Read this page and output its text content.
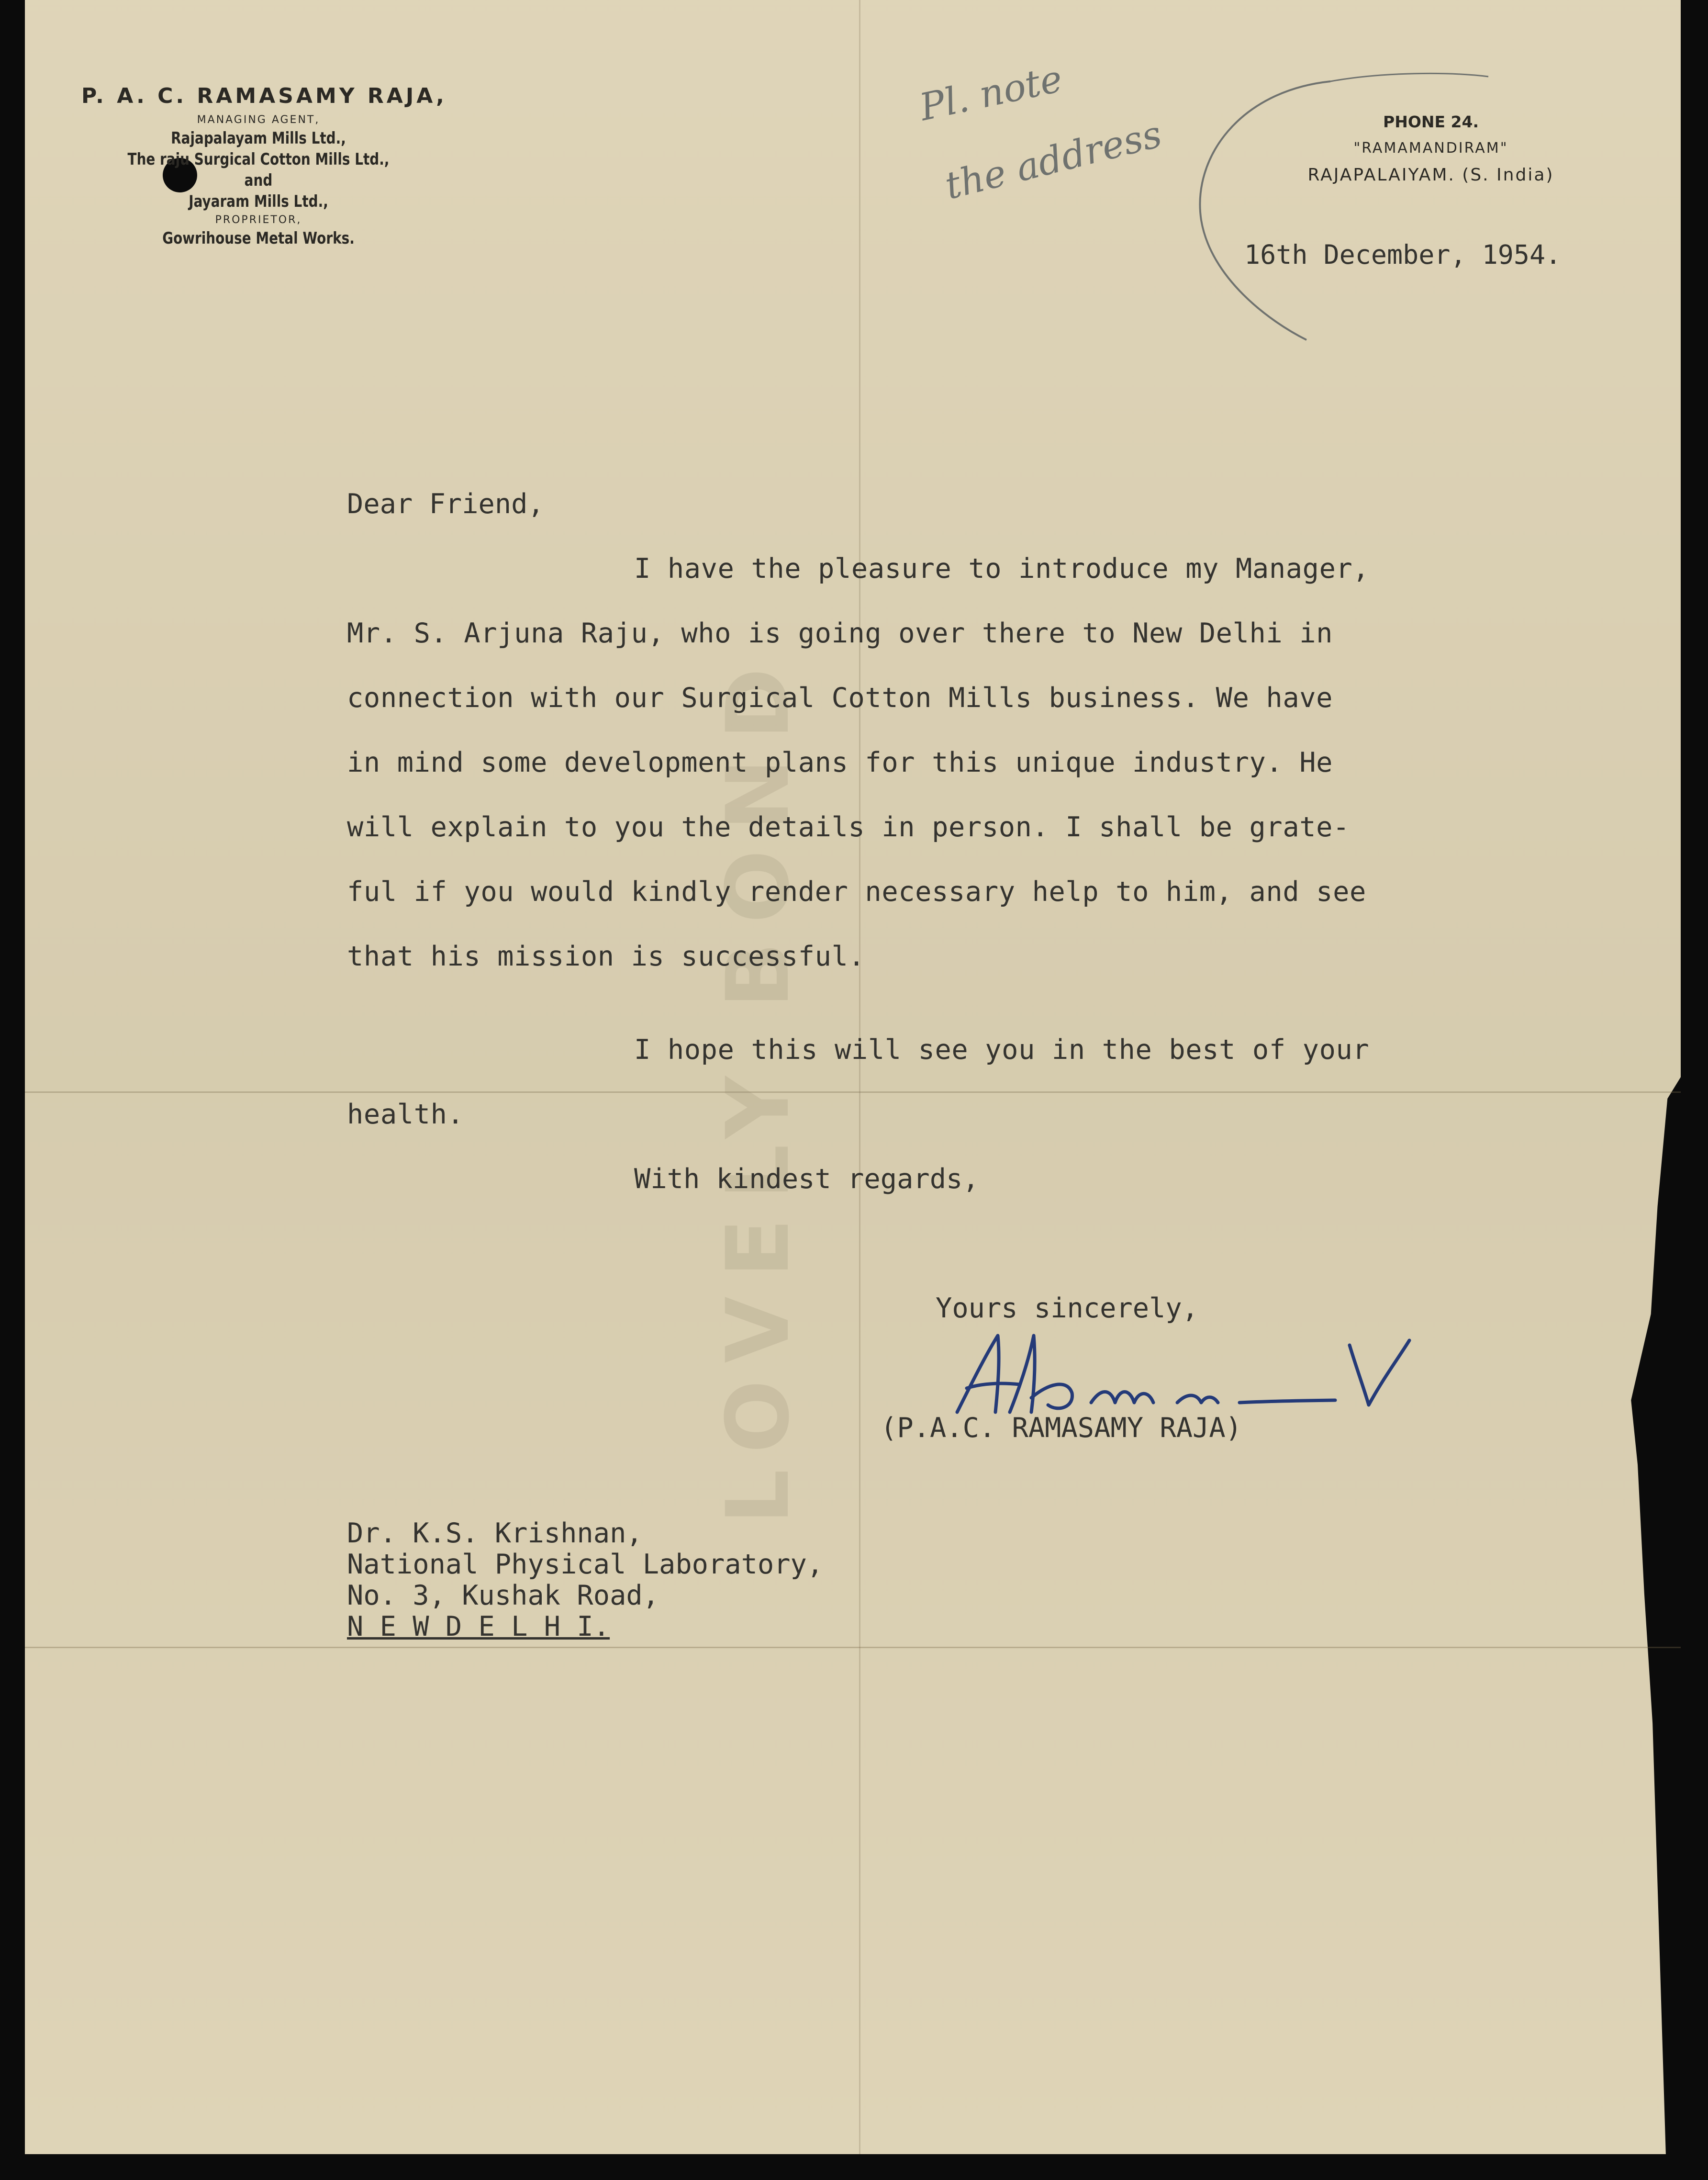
LOVELY BOND
P. A. C. RAMASAMY RAJA,
MANAGING AGENT,
Rajapalayam Mills Ltd.,
The raju Surgical Cotton Mills Ltd.,
and
Jayaram Mills Ltd.,
PROPRIETOR,
Gowrihouse Metal Works.
PHONE 24.
"RAMAMANDIRAM"
RAJAPALAIYAM. (S. India)
Pl. note
the address
16th December, 1954.
Dear Friend,
I have the pleasure to introduce my Manager,
Mr. S. Arjuna Raju, who is going over there to New Delhi in
connection with our Surgical Cotton Mills business. We have
in mind some development plans for this unique industry. He
will explain to you the details in person. I shall be grate-
ful if you would kindly render necessary help to him, and see
that his mission is successful.
I hope this will see you in the best of your
health.
With kindest regards,
Yours sincerely,
(P.A.C. RAMASAMY RAJA)
Dr. K.S. Krishnan,
National Physical Laboratory,
No. 3, Kushak Road,
N E W D E L H I.
